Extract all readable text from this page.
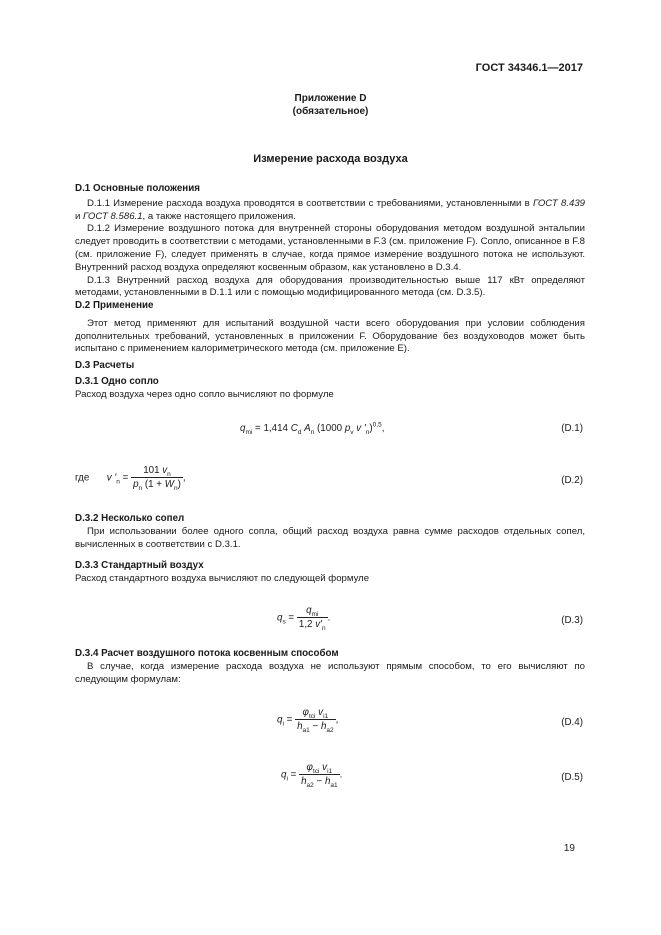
ГОСТ 34346.1—2017
Приложение D
(обязательное)
Измерение расхода воздуха

D.1 Основные положения

D.1.1 Измерение расхода воздуха проводятся в соответствии с требованиями, установленными в ГОСТ 8.439 и ГОСТ 8.586.1, а также настоящего приложения.

D.1.2 Измерение воздушного потока для внутренней стороны оборудования методом воздушной энтальпии следует проводить в соответствии с методами, установленными в F.3 (см. приложение F). Сопло, описанное в F.8 (см. приложение F), следует применять в случае, когда прямое измерение воздушного потока не используют. Внутренний расход воздуха определяют косвенным образом, как установлено в D.3.4.

D.1.3 Внутренний расход воздуха для оборудования производительностью выше 117 кВт определяют методами, установленными в D.1.1 или с помощью модифицированного метода (см. D.3.5).

D.2 Применение

Этот метод применяют для испытаний воздушной части всего оборудования при условии соблюдения дополнительных требований, установленных в приложении F. Оборудование без воздуховодов может быть испытано с применением калориметрического метода (см. приложение E).

D.3 Расчеты

D.3.1 Одно сопло

Расход воздуха через одно сопло вычисляют по формуле

$q_{mi} = 1,414$ $C_d$ $A_n$ (1000 $p_v$ v '$_n)^{0,5}$,	(D.1)
где v '$_n = \frac{101 v_n}{p_n (1 + W_n)}$ ,	(D.2)

D.3.2 Несколько сопел

При использовании более одного сопла, общий расход воздуха равна сумме расходов отдельных сопел, вычисленных в соответствии с D.3.1.

D.3.3 Стандартный воздух

Расход стандартного воздуха вычисляют по следующей формуле

$q_s = \frac{q_{mi}}{1,2 v'_n}$ .	(D.3)

D.3.4 Расчет воздушного потока косвенным способом

В случае, когда измерение расхода воздуха не используют прямым способом, то его вычисляют по следующим формулам:

$q_i = \frac{\varphi_{tci} v_{i1}}{h_{a1} - h_{a2}}$ ,	(D.4)
$q_i = \frac{\varphi_{tci} v_{i1}}{h_{a2} - h_{a1}}$ .	(D.5)
19
